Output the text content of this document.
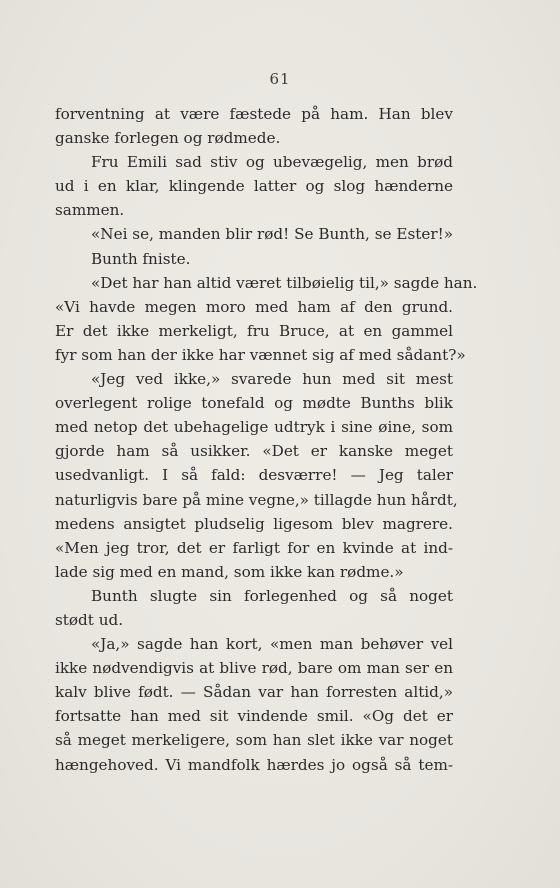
61
forventning at være fæstede på ham. Han blev
ganske forlegen og rødmede.
Fru Emili sad stiv og ubevægelig, men brød
ud i en klar, klingende latter og slog hænderne
sammen.
«Nei se, manden blir rød! Se Bunth, se Ester!»
Bunth fniste.
«Det har han altid været tilbøielig til,» sagde han.
«Vi havde megen moro med ham af den grund.
Er det ikke merkeligt, fru Bruce, at en gammel
fyr som han der ikke har vænnet sig af med sådant?»
«Jeg ved ikke,» svarede hun med sit mest
overlegent rolige tonefald og mødte Bunths blik
med netop det ubehagelige udtryk i sine øine, som
gjorde ham så usikker. «Det er kanske meget
usedvanligt. I så fald: desværre! — Jeg taler
naturligvis bare på mine vegne,» tillagde hun hårdt,
medens ansigtet pludselig ligesom blev magrere.
«Men jeg tror, det er farligt for en kvinde at ind-
lade sig med en mand, som ikke kan rødme.»
Bunth slugte sin forlegenhed og så noget
stødt ud.
«Ja,» sagde han kort, «men man behøver vel
ikke nødvendigvis at blive rød, bare om man ser en
kalv blive født. — Sådan var han forresten altid,»
fortsatte han med sit vindende smil. «Og det er
så meget merkeligere, som han slet ikke var noget
hængehoved. Vi mandfolk hærdes jo også så tem-
